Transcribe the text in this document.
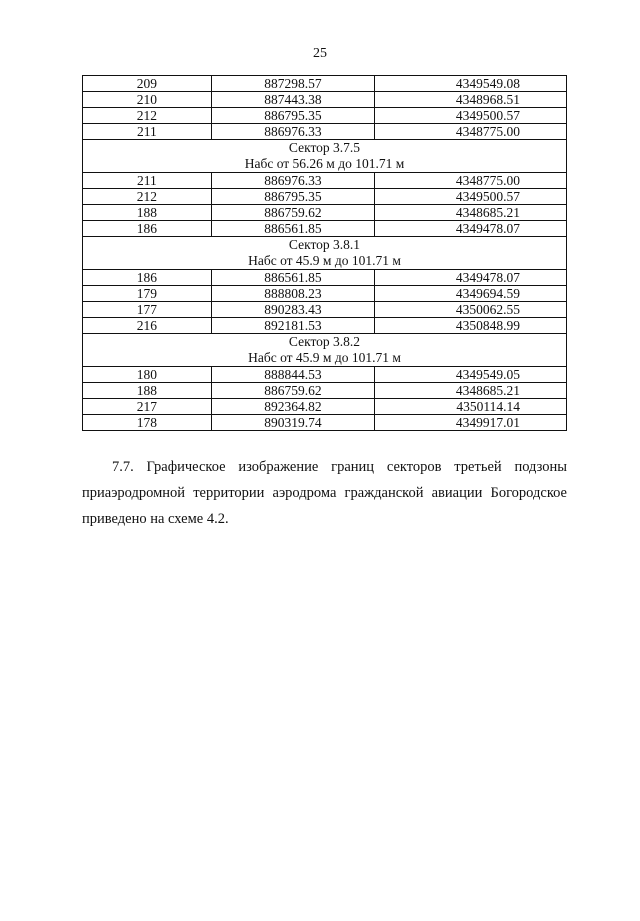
25
209	887298.57	4349549.08
210	887443.38	4348968.51
212	886795.35	4349500.57
211	886976.33	4348775.00

Сектор 3.7.5
Нaбс от 56.26 м до 101.71 м		

211	886976.33	4348775.00
212	886795.35	4349500.57
188	886759.62	4348685.21
186	886561.85	4349478.07

Сектор 3.8.1
Нaбс от 45.9 м до 101.71 м		

186	886561.85	4349478.07
179	888808.23	4349694.59
177	890283.43	4350062.55
216	892181.53	4350848.99

Сектор 3.8.2
Нaбс от 45.9 м до 101.71 м		

180	888844.53	4349549.05
188	886759.62	4348685.21
217	892364.82	4350114.14
178	890319.74	4349917.01
7.7. Графическое изображение границ секторов третьей подзоны приаэродромной территории аэродрома гражданской авиации Богородское приведено на схеме 4.2.
